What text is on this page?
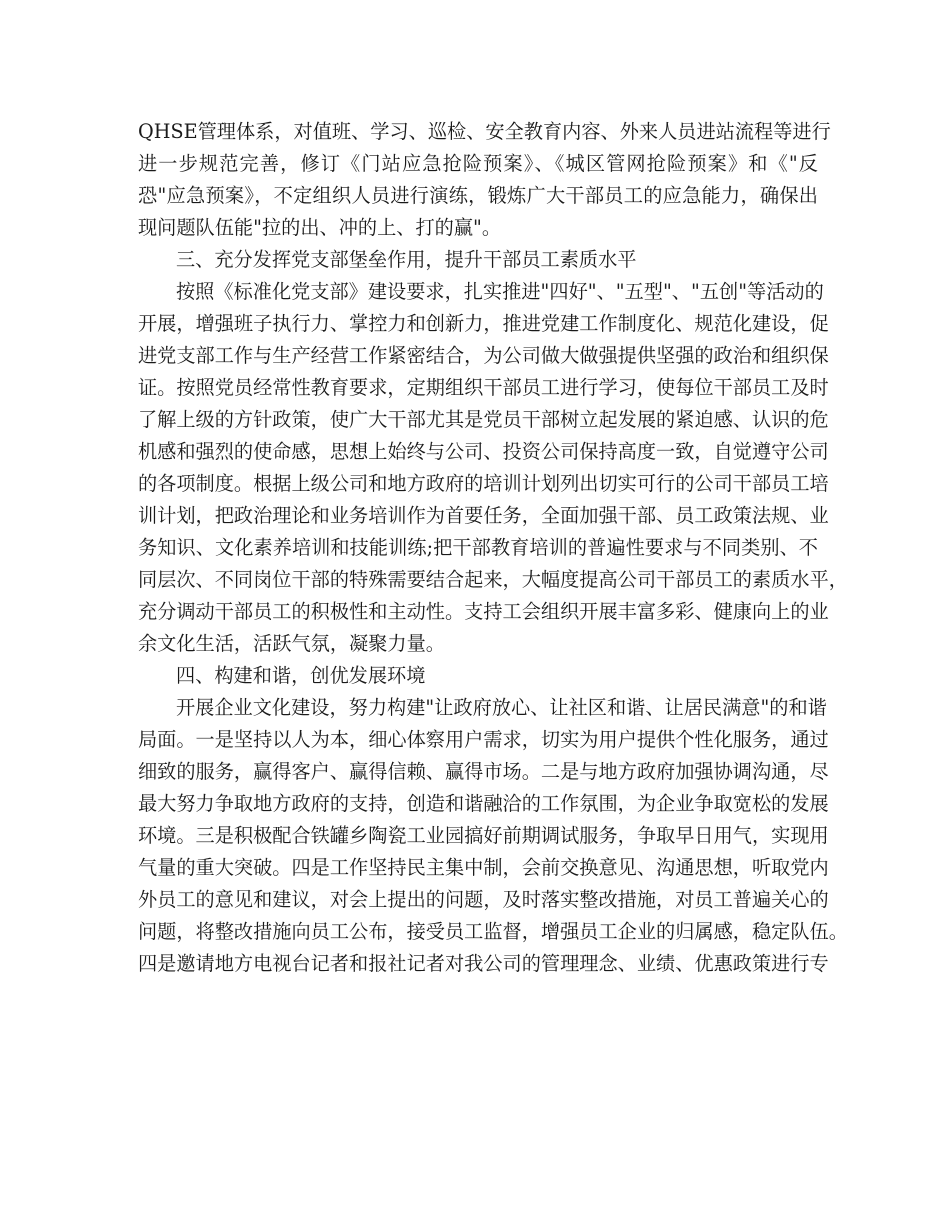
QHSE管理体系，对值班、学习、巡检、安全教育内容、外来人员进站流程等进行
进一步规范完善，修订《门站应急抢险预案》、《城区管网抢险预案》和《"反
恐"应急预案》，不定组织人员进行演练，锻炼广大干部员工的应急能力，确保出
现问题队伍能"拉的出、冲的上、打的赢"。
三、充分发挥党支部堡垒作用，提升干部员工素质水平
按照《标准化党支部》建设要求，扎实推进"四好"、"五型"、"五创"等活动的
开展，增强班子执行力、掌控力和创新力，推进党建工作制度化、规范化建设，促
进党支部工作与生产经营工作紧密结合，为公司做大做强提供坚强的政治和组织保
证。按照党员经常性教育要求，定期组织干部员工进行学习，使每位干部员工及时
了解上级的方针政策，使广大干部尤其是党员干部树立起发展的紧迫感、认识的危
机感和强烈的使命感，思想上始终与公司、投资公司保持高度一致，自觉遵守公司
的各项制度。根据上级公司和地方政府的培训计划列出切实可行的公司干部员工培
训计划，把政治理论和业务培训作为首要任务，全面加强干部、员工政策法规、业
务知识、文化素养培训和技能训练;把干部教育培训的普遍性要求与不同类别、不
同层次、不同岗位干部的特殊需要结合起来，大幅度提高公司干部员工的素质水平，
充分调动干部员工的积极性和主动性。支持工会组织开展丰富多彩、健康向上的业
余文化生活，活跃气氛，凝聚力量。
四、构建和谐，创优发展环境
开展企业文化建设，努力构建"让政府放心、让社区和谐、让居民满意"的和谐
局面。一是坚持以人为本，细心体察用户需求，切实为用户提供个性化服务，通过
细致的服务，赢得客户、赢得信赖、赢得市场。二是与地方政府加强协调沟通，尽
最大努力争取地方政府的支持，创造和谐融洽的工作氛围，为企业争取宽松的发展
环境。三是积极配合铁罐乡陶瓷工业园搞好前期调试服务，争取早日用气，实现用
气量的重大突破。四是工作坚持民主集中制，会前交换意见、沟通思想，听取党内
外员工的意见和建议，对会上提出的问题，及时落实整改措施，对员工普遍关心的
问题，将整改措施向员工公布，接受员工监督，增强员工企业的归属感，稳定队伍。
四是邀请地方电视台记者和报社记者对我公司的管理理念、业绩、优惠政策进行专
